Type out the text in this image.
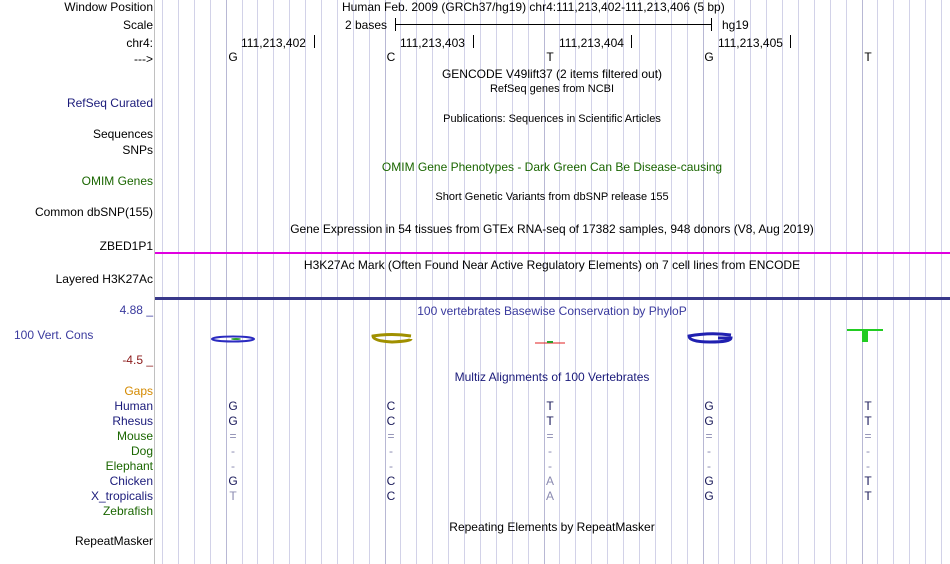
Window Position	Human Feb. 2009 (GRCh37/hg19) chr4:111,213,402-111,213,406 (5 bp)
Scale	2 bases	hg19
chr4:	111,213,402	111,213,403	111,213,404	111,213,405
--->	G	C	T	G	T
GENCODE V49lift37 (2 items filtered out)
RefSeq genes from NCBI
RefSeq Curated
Publications: Sequences in Scientific Articles
Sequences
SNPs
OMIM Gene Phenotypes - Dark Green Can Be Disease-causing
OMIM Genes
Short Genetic Variants from dbSNP release 155
Common dbSNP(155)
Gene Expression in 54 tissues from GTEx RNA-seq of 17382 samples, 948 donors (V8, Aug 2019)
ZBED1P1
H3K27Ac Mark (Often Found Near Active Regulatory Elements) on 7 cell lines from ENCODE
Layered H3K27Ac
100 vertebrates Basewise Conservation by PhyloP
4.88 _
100 Vert. Cons
-4.5 _
Multiz Alignments of 100 Vertebrates
Gaps
Human	G	C	T	G	T
Rhesus	G	C	T	G	T
Mouse	=	=	=	=	=
Dog	-	-	-	-	-
Elephant	-	-	-	-	-
Chicken	G	C	A	G	T
X_tropicalis	T	C	A	G	T
Zebrafish
Repeating Elements by RepeatMasker
RepeatMasker
